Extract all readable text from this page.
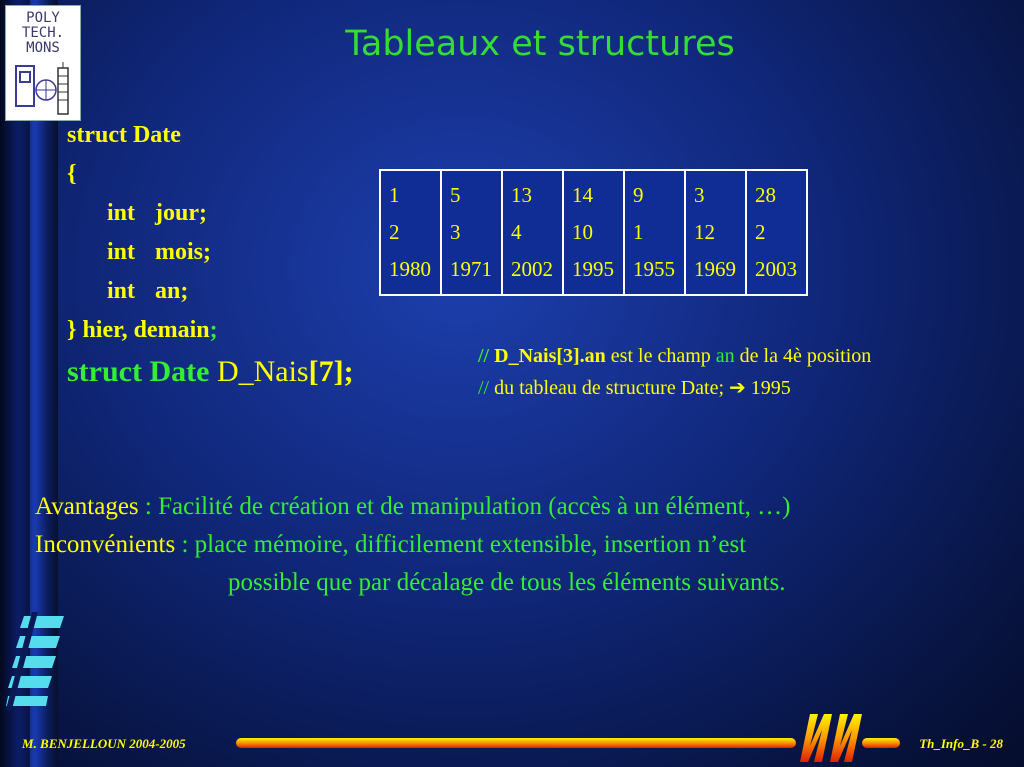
POLY
TECH.
MONS	Tableaux et structures
struct Date
{
int jour;
int mois;
int an;
} hier, demain;
struct Date D_Nais[7];
1
2
1980

5
3
1971

13
4
2002

14
10
1995

9
1
1955

3
12
1969

28
2
2003
// D_Nais[3].an est le champ an de la 4è position
// du tableau de structure Date; ➔ 1995
Avantages : Facilité de création et de manipulation (accès à un élément, …)
Inconvénients : place mémoire, difficilement extensible, insertion n’est
possible que par décalage de tous les éléments suivants.
M. BENJELLOUN 2004-2005	Th_Info_B - 28
